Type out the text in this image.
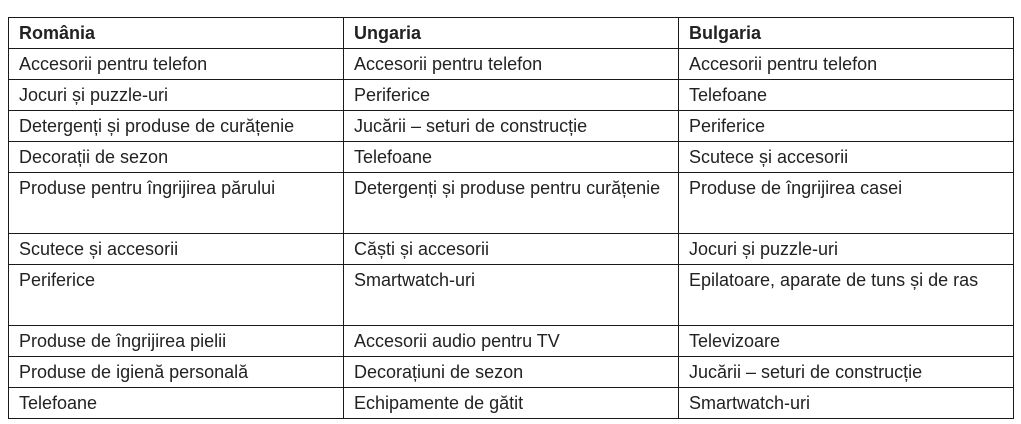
România	Ungaria	Bulgaria
Accesorii pentru telefon	Accesorii pentru telefon	Accesorii pentru telefon
Jocuri și puzzle-uri	Periferice	Telefoane
Detergenți și produse de curățenie	Jucării – seturi de construcție	Periferice
Decorații de sezon	Telefoane	Scutece și accesorii
Produse pentru îngrijirea părului	Detergenți și produse pentru curățenie	Produse de îngrijirea casei
Scutece și accesorii	Căști și accesorii	Jocuri și puzzle-uri
Periferice	Smartwatch-uri	Epilatoare, aparate de tuns și de ras
Produse de îngrijirea pielii	Accesorii audio pentru TV	Televizoare
Produse de igienă personală	Decorațiuni de sezon	Jucării – seturi de construcție
Telefoane	Echipamente de gătit	Smartwatch-uri
